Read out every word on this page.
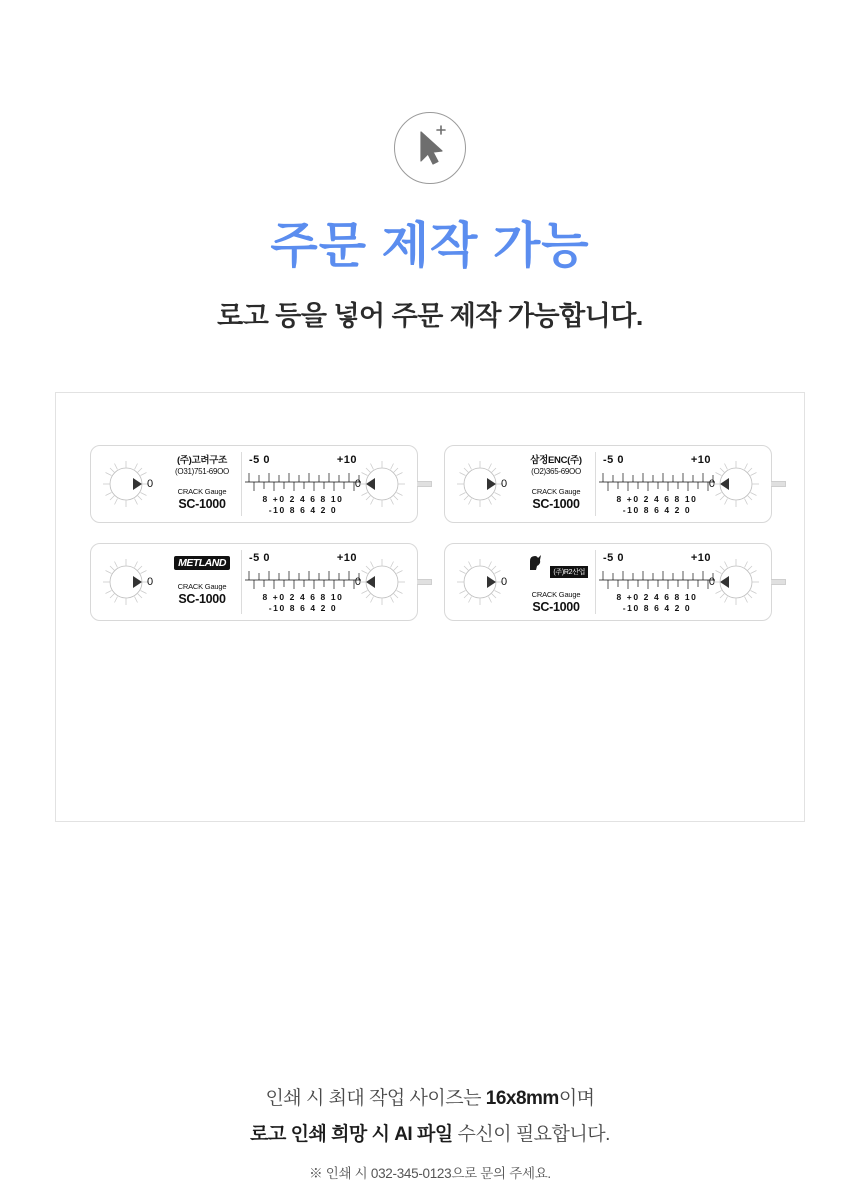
주문 제작 가능
로고 등을 넣어 주문 제작 가능합니다.
0
(주)고려구조
(O31)751-69OO
CRACK Gauge
SC-1000
-5 0	+10
8 +0 2 4 6 8 10
-10 8 6 4 2 0
0	0
삼정ENC(주)
(O2)365-69OO
CRACK Gauge
SC-1000
-5 0	+10
8 +0 2 4 6 8 10
-10 8 6 4 2 0
0
0
METLAND
CRACK Gauge
SC-1000
-5 0	+10
8 +0 2 4 6 8 10
-10 8 6 4 2 0
0	0
(주)R2산업
CRACK Gauge
SC-1000
-5 0	+10
8 +0 2 4 6 8 10
-10 8 6 4 2 0
0
인쇄 시 최대 작업 사이즈는 16x8mm이며
로고 인쇄 희망 시 AI 파일 수신이 필요합니다.
※ 인쇄 시 032-345-0123으로 문의 주세요.
